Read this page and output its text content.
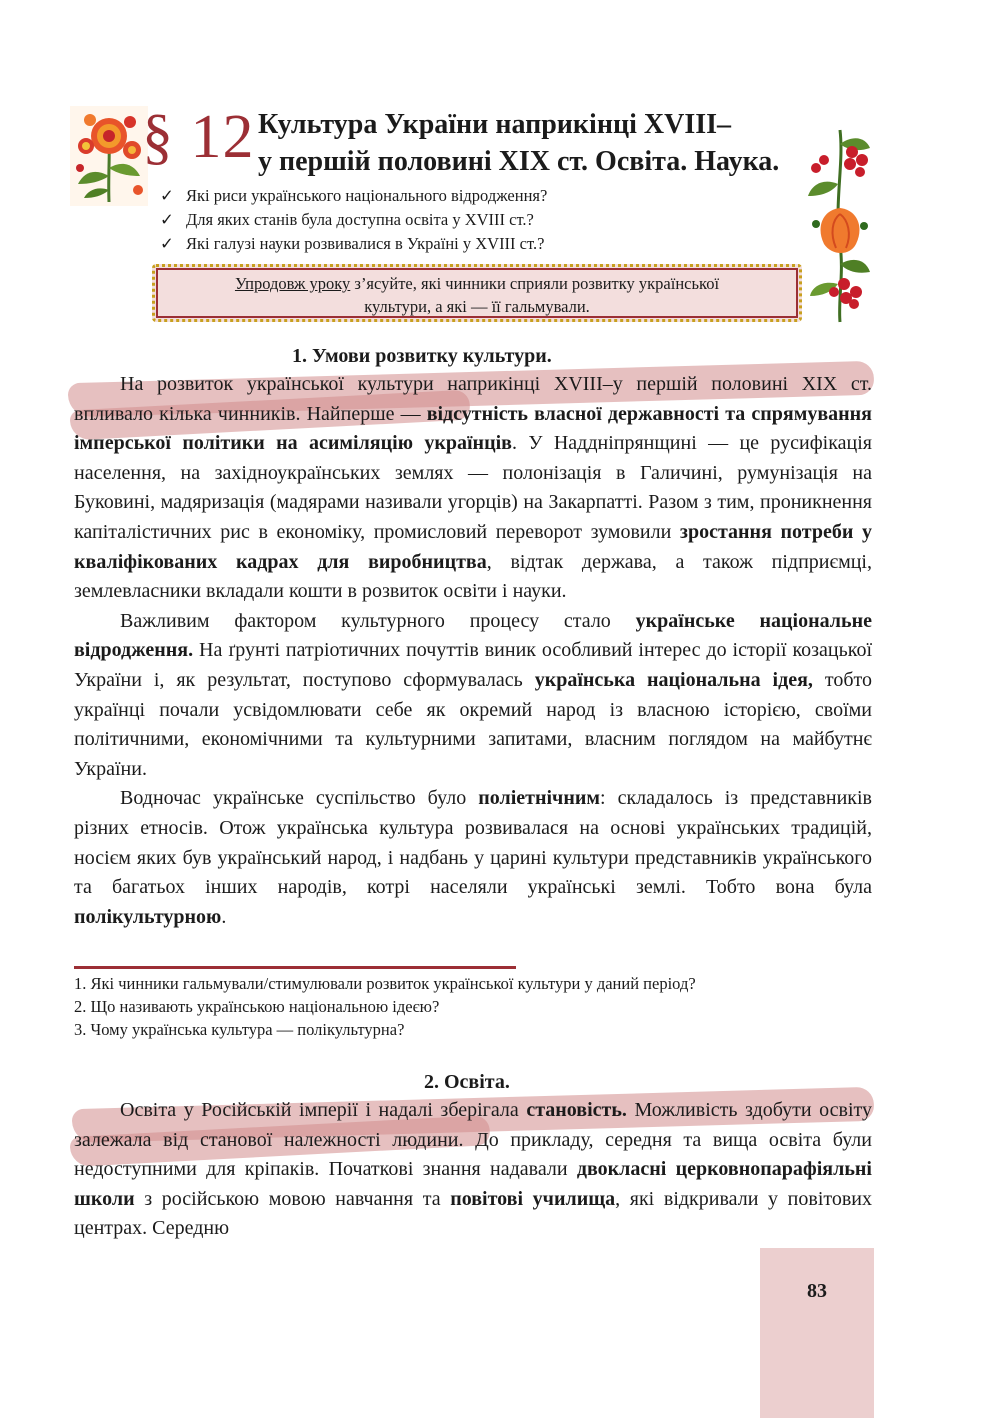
§ 12 Культура України наприкінці XVIII–
у першій половині XIX ст. Освіта. Наука.
✓ Які риси українського національного відродження?
✓ Для яких станів була доступна освіта у XVIII ст.?
✓ Які галузі науки розвивалися в Україні у XVIII ст.?
Упродовж уроку з’ясуйте, які чинники сприяли розвитку української
культури, а які — її гальмували.
1. Умови розвитку культури.

На розвиток української культури наприкінці XVIII–у першій половині XIX ст. впливало кілька чинників. Найперше — відсутність власної державності та спрямування імперської політики на асиміляцію українців. У Наддніпрянщині — це русифікація населення, на західноукраїнських землях — полонізація в Галичині, румунізація на Буковині, мадяризація (мадярами називали угорців) на Закарпатті. Разом з тим, проникнення капіталістичних рис в економіку, промисловий переворот зумовили зростання потреби у кваліфікованих кадрах для виробництва, відтак держава, а також підприємці, землевласники вкладали кошти в розвиток освіти і науки.

Важливим фактором культурного процесу стало українське національне відродження. На ґрунті патріотичних почуттів виник особливий інтерес до історії козацької України і, як результат, поступово сформувалась українська національна ідея, тобто українці почали усвідомлювати себе як окремий народ із власною історією, своїми політичними, економічними та культурними запитами, власним поглядом на майбутнє України.

Водночас українське суспільство було поліетнічним: складалось із представників різних етносів. Отож українська культура розвивалася на основі українських традицій, носієм яких був український народ, і надбань у царині культури представників українського та багатьох інших народів, котрі населяли українські землі. Тобто вона була полікультурною.

1. Які чинники гальмували/стимулювали розвиток української культури у даний період?
2. Що називають українською національною ідеєю?
3. Чому українська культура — полікультурна?
2. Освіта.

Освіта у Російській імперії і надалі зберігала становість. Можливість здобути освіту залежала від станової належності людини. До прикладу, середня та вища освіта були недоступними для кріпаків. Початкові знання надавали двокласні церковнопарафіяльні школи з російською мовою навчання та повітові училища, які відкривали у повітових центрах. Середню

83
